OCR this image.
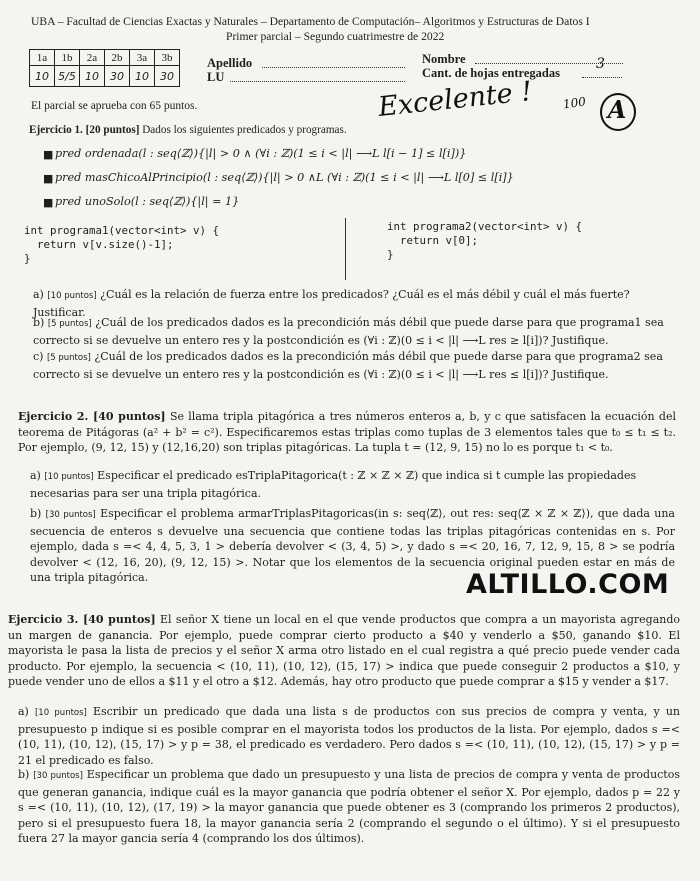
UBA – Facultad de Ciencias Exactas y Naturales – Departamento de Computación– Algoritmos y Estructuras de Datos I
Primer parcial – Segundo cuatrimestre de 2022
1a	1b	2a	2b	3a	3b
10	5/5	10	30	10	30
Apellido
LU
Nombre
Cant. de hojas entregadas
3
El parcial se aprueba con 65 puntos.	Excelente ! 100 A
Ejercicio 1. [20 puntos] Dados los siguientes predicados y programas.
■ pred ordenada(l : seq⟨ℤ⟩){|l| > 0 ∧ (∀i : ℤ)(1 ≤ i < |l| ⟶L l[i − 1] ≤ l[i])}
■ pred masChicoAlPrincipio(l : seq⟨ℤ⟩){|l| > 0 ∧L (∀i : ℤ)(1 ≤ i < |l| ⟶L l[0] ≤ l[i]}
■ pred unoSolo(l : seq⟨ℤ⟩){|l| = 1}
int programa1(vector<int> v) {
return v[v.size()-1];
}
int programa2(vector<int> v) {
return v[0];
}
a) [10 puntos] ¿Cuál es la relación de fuerza entre los predicados? ¿Cuál es el más débil y cuál el más fuerte? Justificar.
b) [5 puntos] ¿Cuál de los predicados dados es la precondición más débil que puede darse para que programa1 sea correcto si se devuelve un entero res y la postcondición es (∀i : ℤ)(0 ≤ i < |l| ⟶L res ≥ l[i])? Justifique.
c) [5 puntos] ¿Cuál de los predicados dados es la precondición más débil que puede darse para que programa2 sea correcto si se devuelve un entero res y la postcondición es (∀i : ℤ)(0 ≤ i < |l| ⟶L res ≤ l[i])? Justifique.
Ejercicio 2. [40 puntos] Se llama tripla pitagórica a tres números enteros a, b, y c que satisfacen la ecuación del teorema de Pitágoras (a² + b² = c²). Especificaremos estas triplas como tuplas de 3 elementos tales que t₀ ≤ t₁ ≤ t₂. Por ejemplo, (9, 12, 15) y (12,16,20) son triplas pitagóricas. La tupla t = (12, 9, 15) no lo es porque t₁ < t₀.
a) [10 puntos] Especificar el predicado esTriplaPitagorica(t : ℤ × ℤ × ℤ) que indica si t cumple las propiedades necesarias para ser una tripla pitagórica.
b) [30 puntos] Especificar el problema armarTriplasPitagoricas(in s: seq⟨ℤ⟩, out res: seq⟨ℤ × ℤ × ℤ⟩), que dada una secuencia de enteros s devuelve una secuencia que contiene todas las triplas pitagóricas contenidas en s. Por ejemplo, dada s =< 4, 4, 5, 3, 1 > debería devolver < (3, 4, 5) >, y dado s =< 20, 16, 7, 12, 9, 15, 8 > se podría devolver < (12, 16, 20), (9, 12, 15) >. Notar que los elementos de la secuencia original pueden estar en más de una tripla pitagórica.	ALTILLO.COM
Ejercicio 3. [40 puntos] El señor X tiene un local en el que vende productos que compra a un mayorista agregando un margen de ganancia. Por ejemplo, puede comprar cierto producto a $40 y venderlo a $50, ganando $10. El mayorista le pasa la lista de precios y el señor X arma otro listado en el cual registra a qué precio puede vender cada producto. Por ejemplo, la secuencia < (10, 11), (10, 12), (15, 17) > indica que puede conseguir 2 productos a $10, y puede vender uno de ellos a $11 y el otro a $12. Además, hay otro producto que puede comprar a $15 y vender a $17.
a) [10 puntos] Escribir un predicado que dada una lista s de productos con sus precios de compra y venta, y un presupuesto p indique si es posible comprar en el mayorista todos los productos de la lista. Por ejemplo, dados s =< (10, 11), (10, 12), (15, 17) > y p = 38, el predicado es verdadero. Pero dados s =< (10, 11), (10, 12), (15, 17) > y p = 21 el predicado es falso.
b) [30 puntos] Especificar un problema que dado un presupuesto y una lista de precios de compra y venta de productos que generan ganancia, indique cuál es la mayor ganancia que podría obtener el señor X. Por ejemplo, dados p = 22 y s =< (10, 11), (10, 12), (17, 19) > la mayor ganancia que puede obtener es 3 (comprando los primeros 2 productos), pero si el presupuesto fuera 18, la mayor ganancia sería 2 (comprando el segundo o el último). Y si el presupuesto fuera 27 la mayor gancia sería 4 (comprando los dos últimos).
